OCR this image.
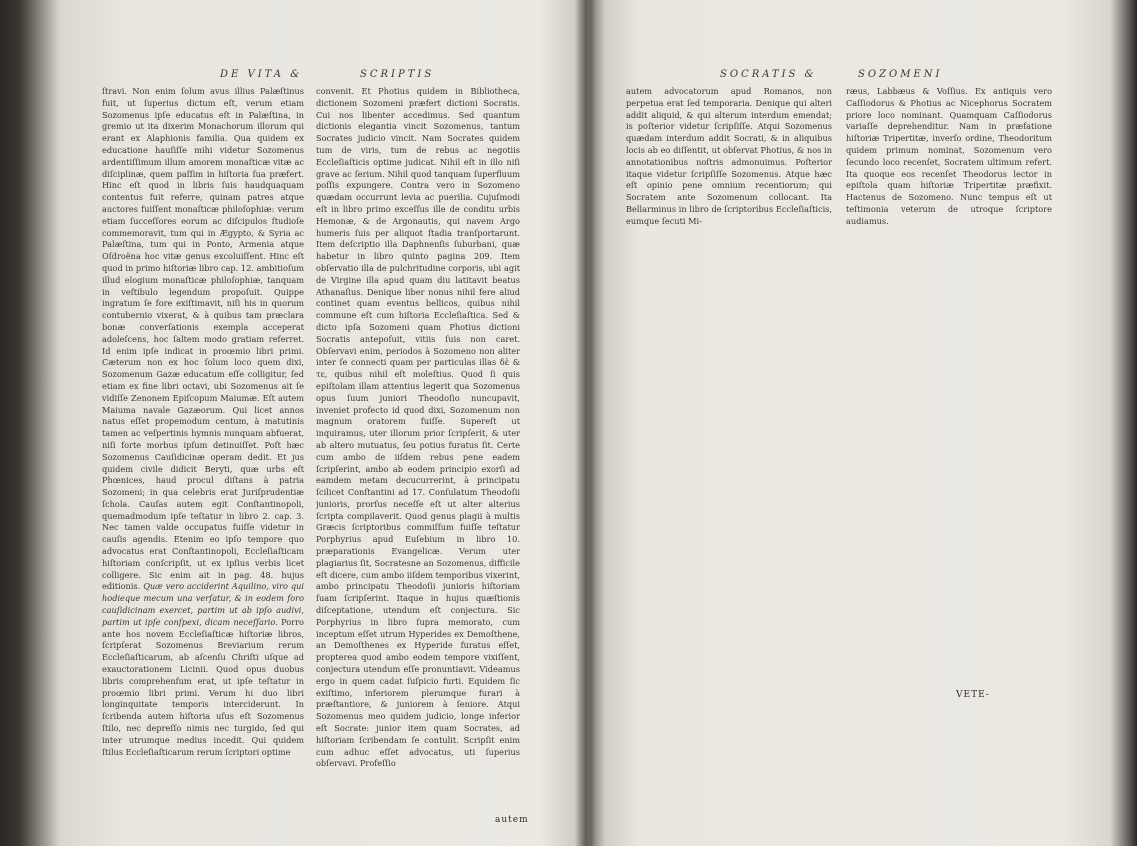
DE VITA &	SCRIPTIS

ſtravi. Non enim ſolum avus illius Palæſtinus fuit, ut ſuperius dictum eſt, verum etiam Sozomenus ipſe educatus eſt in Palæſtina, in gremio ut ita dixerim Monachorum illorum qui erant ex Alaphionis familia. Qua quidem ex educatione hauſiſſe mihi videtur Sozomenus ardentiſſimum illum amorem monaſticæ vitæ ac diſciplinæ, quem paſſim in hiſtoria ſua præfert. Hinc eſt quod in libris ſuis haudquaquam contentus fuit referre, quinam patres atque auctores fuiſſent monaſticæ philoſophiæ: verum etiam ſucceſſores eorum ac diſcipulos ſtudioſe commemoravit, tum qui in Ægypto, & Syria ac Palæſtina, tum qui in Ponto, Armenia atque Oſdroëna hoc vitæ genus excoluiſſent. Hinc eſt quod in primo hiſtoriæ libro cap. 12. ambitioſum illud elogium monaſticæ philoſophiæ, tanquam in veſtibulo legendum propoſuit. Quippe ingratum ſe fore exiſtimavit, niſi his in quorum contubernio vixerat, & à quibus tam præclara bonæ converſationis exempla acceperat adoleſcens, hoc ſaltem modo gratiam referret. Id enim ipſe indicat in proœmio libri primi. Cæterum non ex hoc ſolum loco quem dixi, Sozomenum Gazæ educatum eſſe colligitur, ſed etiam ex fine libri octavi, ubi Sozomenus ait ſe vidiſſe Zenonem Epiſcopum Maiumæ. Eſt autem Maiuma navale Gazæorum. Qui licet annos natus eſſet propemodum centum, à matutinis tamen ac veſpertinis hymnis nunquam abfuerat, niſi forte morbus ipſum detinuiſſet. Poſt hæc Sozomenus Cauſidicinæ operam dedit. Et jus quidem civile didicit Beryti, quæ urbs eſt Phœnices, haud procul diſtans à patria Sozomeni; in qua celebris erat Juriſprudentiæ ſchola. Cauſas autem egit Conſtantinopoli, quemadmodum ipſe teſtatur in libro 2. cap. 3. Nec tamen valde occupatus fuiſſe videtur in cauſis agendis. Etenim eo ipſo tempore quo advocatus erat Conſtantinopoli, Eccleſiaſticam hiſtoriam conſcripſit, ut ex ipſius verbis licet colligere. Sic enim ait in pag. 48. hujus editionis. Quæ vero acciderint Aquilino, viro qui hodieque mecum una verſatur, & in eodem foro cauſidicinam exercet, partim ut ab ipſo audivi, partim ut ipſe conſpexi, dicam neceſſario. Porro ante hos novem Eccleſiaſticæ hiſtoriæ libros, ſcripſerat Sozomenus Breviarium rerum Eccleſiaſticarum, ab aſcenſu Chriſti uſque ad exauctorationem Licinii. Quod opus duobus libris comprehenſum erat, ut ipſe teſtatur in proœmio libri primi. Verum hi duo libri longinquitate temporis interciderunt. In ſcribenda autem hiſtoria uſus eſt Sozomenus ſtilo, nec depreſſo nimis nec turgido, ſed qui inter utrumque medius incedit. Qui quidem ſtilus Eccleſiaſticarum rerum ſcriptori optime

convenit. Et Photius quidem in Bibliotheca, dictionem Sozomeni præfert dictioni Socratis. Cui nos libenter accedimus. Sed quantum dictionis elegantia vincit Sozomenus, tantum Socrates judicio vincit. Nam Socrates quidem tum de viris, tum de rebus ac negotiis Eccleſiaſticis optime judicat. Nihil eſt in illo niſi grave ac ſerium. Nihil quod tanquam ſuperfluum poſſis expungere. Contra vero in Sozomeno quædam occurrunt levia ac puerilia. Cujuſmodi eſt in libro primo exceſſus ille de conditu urbis Hemonæ, & de Argonautis, qui navem Argo humeris ſuis per aliquot ſtadia tranſportarunt. Item deſcriptio illa Daphnenſis ſuburbani, quæ habetur in libro quinto pagina 209. Item obſervatio illa de pulchritudine corporis, ubi agit de Virgine illa apud quam diu latitavit beatus Athanaſius. Denique liber nonus nihil fere aliud continet quam eventus bellicos, quibus nihil commune eſt cum hiſtoria Eccleſiaſtica. Sed & dicto ipſa Sozomeni quam Photius dictioni Socratis antepoſuit, vitiis ſuis non caret. Obſervavi enim, periodos à Sozomeno non aliter inter ſe connecti quam per particulas illas δὲ & τε, quibus nihil eſt moleſtius. Quod ſi quis epiſtolam illam attentius legerit qua Sozomenus opus ſuum juniori Theodoſio nuncupavit, inveniet profecto id quod dixi, Sozomenum non magnum oratorem fuiſſe. Supereſt ut inquiramus, uter illorum prior ſcripſerit, & uter ab altero mutuatus, ſeu potius furatus ſit. Certe cum ambo de iiſdem rebus pene eadem ſcripſerint, ambo ab eodem principio exorſi ad eamdem metam decucurrerint, à principatu ſcilicet Conſtantini ad 17. Conſulatum Theodoſii junioris, prorſus neceſſe eſt ut alter alterius ſcripta compilaverit. Quod genus plagii à multis Græcis ſcriptoribus commiſſum fuiſſe teſtatur Porphyrius apud Euſebium in libro 10. præparationis Evangelicæ. Verum uter plagiarius ſit, Socratesne an Sozomenus, difficile eſt dicere, cum ambo iiſdem temporibus vixerint, ambo principatu Theodoſii junioris hiſtoriam ſuam ſcripſerint. Itaque in hujus quæſtionis diſceptatione, utendum eſt conjectura. Sic Porphyrius in libro ſupra memorato, cum inceptum eſſet utrum Hyperides ex Demoſthene, an Demoſthenes ex Hyperide furatus eſſet, propterea quod ambo eodem tempore vixiſſent, conjectura utendum eſſe pronuntiavit. Videamus ergo in quem cadat ſuſpicio furti. Equidem ſic exiſtimo, inferiorem plerumque furari à præſtantiore, & juniorem à ſeniore. Atqui Sozomenus meo quidem judicio, longe inferior eſt Socrate: junior item quam Socrates, ad hiſtoriam ſcribendam ſe contulit. Scripſit enim cum adhuc eſſet advocatus, uti ſuperius obſervavi. Profeſſio

autem
SOCRATIS &	SOZOMENI

autem advocatorum apud Romanos, non perpetua erat ſed temporaria. Denique qui alteri addit aliquid, & qui alterum interdum emendat; is poſterior videtur ſcripſiſſe. Atqui Sozomenus quædam interdum addit Socrati, & in aliquibus locis ab eo diſſentit, ut obſervat Photius, & nos in annotationibus noſtris admonuimus. Poſterior itaque videtur ſcripſiſſe Sozomenus. Atque hæc eſt opinio pene omnium recentiorum; qui Socratem ante Sozomenum collocant. Ita Bellarminus in libro de ſcriptoribus Eccleſiaſticis, eumque ſecuti Mi-

ræus, Labbæus & Voſſius. Ex antiquis vero Caſſiodorus & Photius ac Nicephorus Socratem priore loco nominant. Quamquam Caſſiodorus variaſſe deprehenditur. Nam in præfatione hiſtoriæ Tripertitæ, inverſo ordine, Theodoritum quidem primum nominat, Sozomenum vero ſecundo loco recenſet, Socratem ultimum refert. Ita quoque eos recenſet Theodorus lector in epiſtola quam hiſtoriæ Tripertitæ præfixit. Hactenus de Sozomeno. Nunc tempus eſt ut teſtimonia veterum de utroque ſcriptore audiamus.

VETE-
